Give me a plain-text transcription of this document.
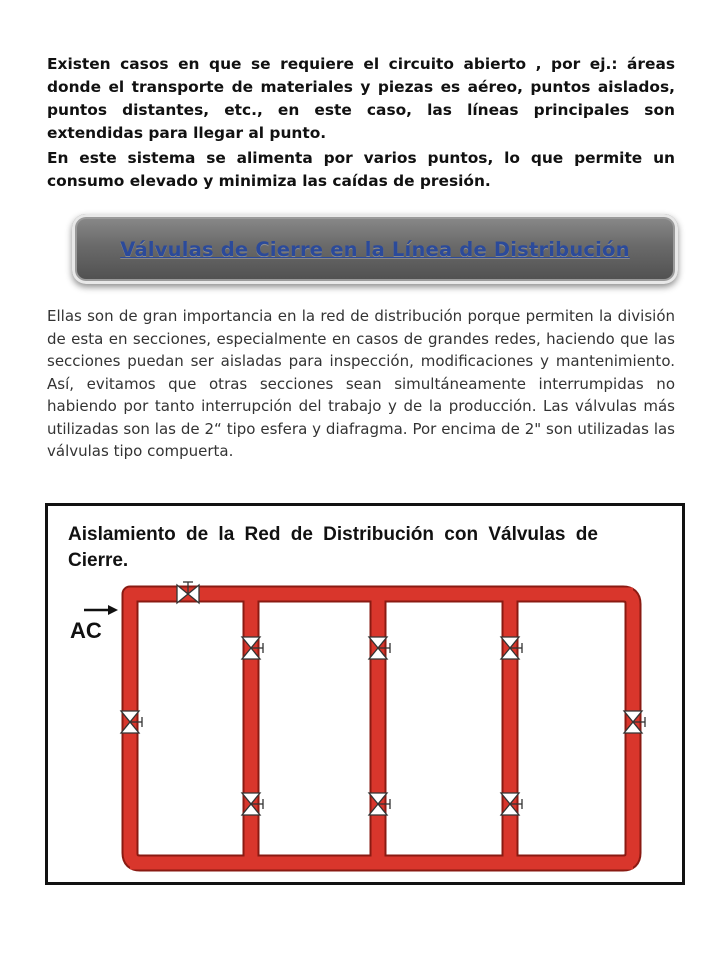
Existen casos en que se requiere el circuito abierto , por ej.: áreas donde el transporte de materiales y piezas es aéreo, puntos aislados, puntos distantes, etc., en este caso, las líneas principales son extendidas para llegar al punto.

En este sistema se alimenta por varios puntos, lo que permite un consumo elevado y minimiza las caídas de presión.

Válvulas de Cierre en la Línea de Distribución

Ellas son de gran importancia en la red de distribución porque permiten la división de esta en secciones, especialmente en casos de grandes redes, haciendo que las secciones puedan ser aisladas para inspección, modificaciones y mantenimiento. Así, evitamos que otras secciones sean simultáneamente interrumpidas no habiendo por tanto interrupción del trabajo y de la producción. Las válvulas más utilizadas son las de 2“ tipo esfera y diafragma. Por encima de 2" son utilizadas las válvulas tipo compuerta.

Aislamiento de la Red de Distribución con Válvulas de Cierre.
AC
